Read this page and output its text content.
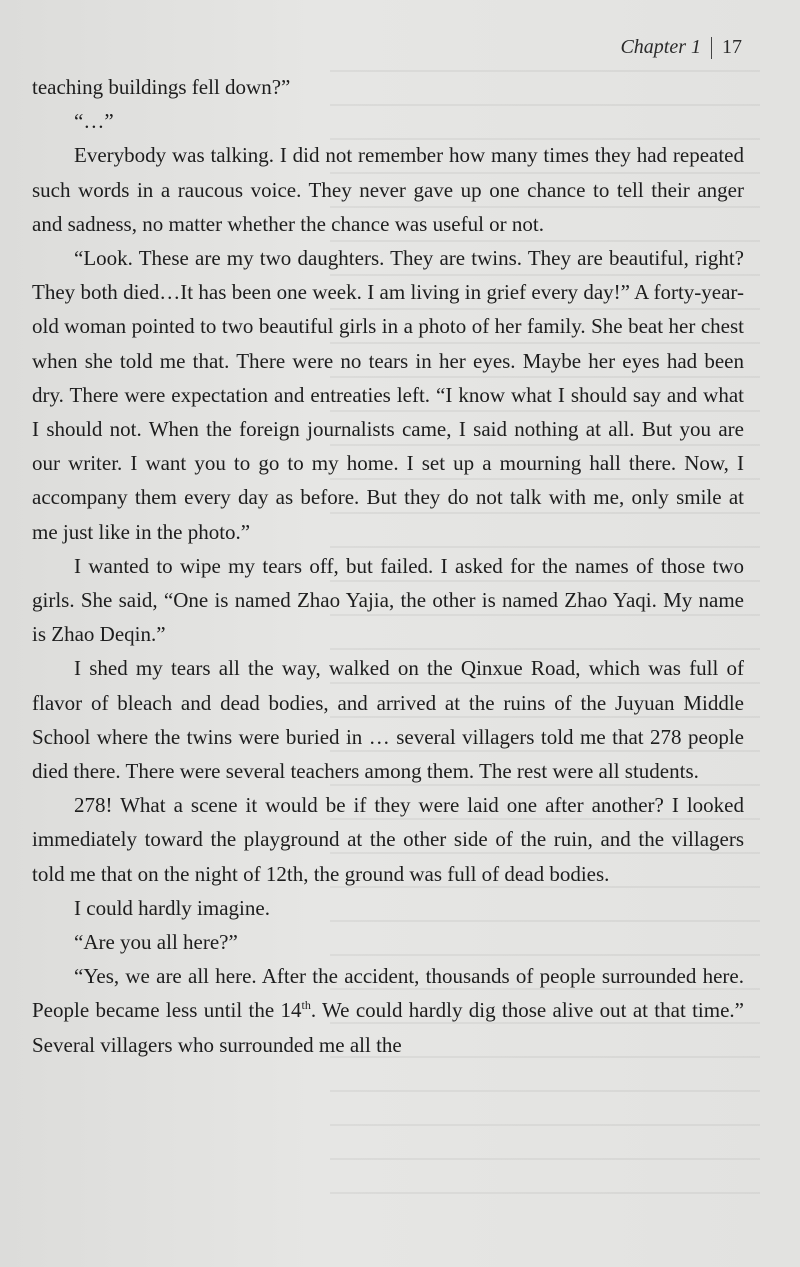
Chapter 1 17

teaching buildings fell down?”

“…”

Everybody was talking. I did not remember how many times they had repeated such words in a raucous voice. They never gave up one chance to tell their anger and sadness, no matter whether the chance was useful or not.

“Look. These are my two daughters. They are twins. They are beautiful, right? They both died…It has been one week. I am living in grief every day!” A forty-year-old woman pointed to two beautiful girls in a photo of her family. She beat her chest when she told me that. There were no tears in her eyes. Maybe her eyes had been dry. There were expectation and entreaties left. “I know what I should say and what I should not. When the foreign journalists came, I said nothing at all. But you are our writer. I want you to go to my home. I set up a mourning hall there. Now, I accompany them every day as before. But they do not talk with me, only smile at me just like in the photo.”

I wanted to wipe my tears off, but failed. I asked for the names of those two girls. She said, “One is named Zhao Yajia, the other is named Zhao Yaqi. My name is Zhao Deqin.”

I shed my tears all the way, walked on the Qinxue Road, which was full of flavor of bleach and dead bodies, and arrived at the ruins of the Juyuan Middle School where the twins were buried in … several villagers told me that 278 people died there. There were several teachers among them. The rest were all students.

278! What a scene it would be if they were laid one after another? I looked immediately toward the playground at the other side of the ruin, and the villagers told me that on the night of 12th, the ground was full of dead bodies.

I could hardly imagine.

“Are you all here?”

“Yes, we are all here. After the accident, thousands of people surrounded here. People became less until the 14th. We could hardly dig those alive out at that time.” Several villagers who surrounded me all the
